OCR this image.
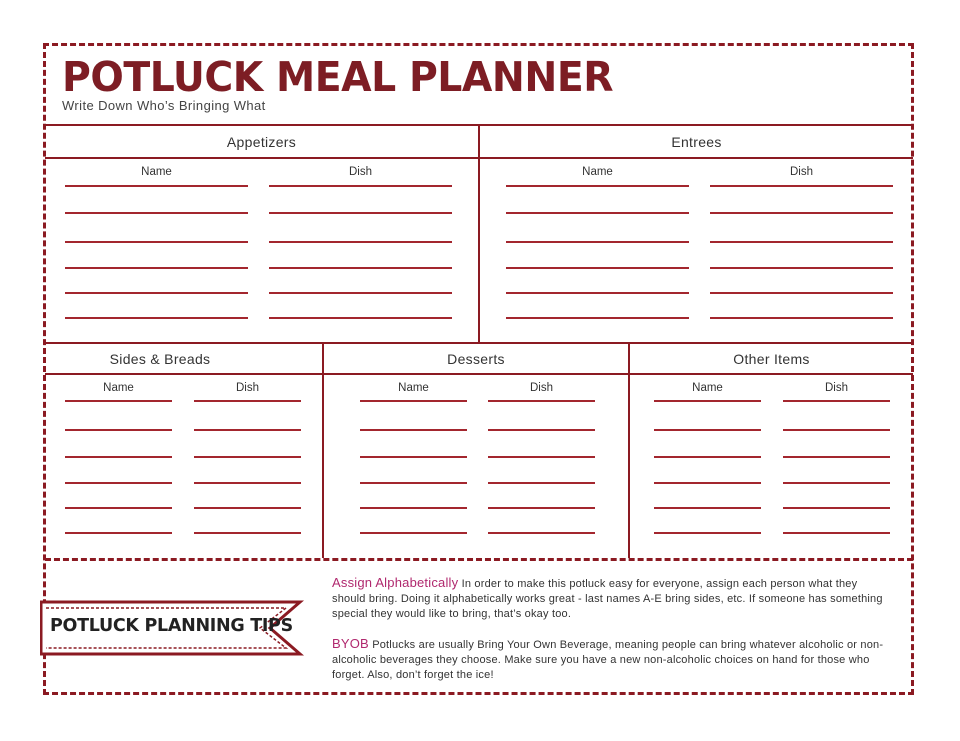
POTLUCK MEAL PLANNER
Write Down Who’s Bringing What
Appetizers
Name	Dish
Entrees
Name	Dish
Sides & Breads
Name	Dish
Desserts
Name	Dish
Other Items
Name	Dish
POTLUCK PLANNING TIPS
Assign Alphabetically In order to make this potluck easy for everyone, assign each person what they should bring. Doing it alphabetically works great - last names A-E bring sides, etc. If someone has something special they would like to bring, that’s okay too.
BYOB Potlucks are usually Bring Your Own Beverage, meaning people can bring whatever alcoholic or non-alcoholic beverages they choose. Make sure you have a new non-alcoholic choices on hand for those who forget. Also, don’t forget the ice!
